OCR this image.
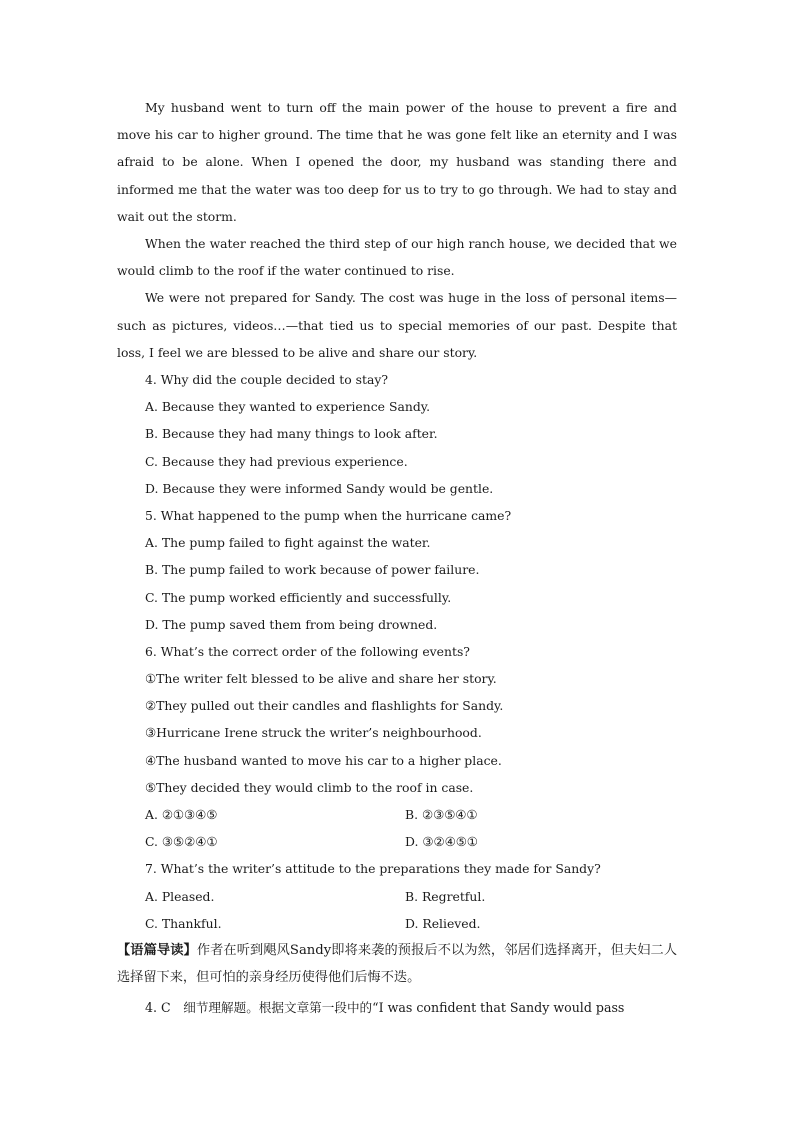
My husband went to turn off the main power of the house to prevent a fire and move his car to higher ground. The time that he was gone felt like an eternity and I was afraid to be alone. When I opened the door, my husband was standing there and informed me that the water was too deep for us to try to go through. We had to stay and wait out the storm.

When the water reached the third step of our high ranch house, we decided that we would climb to the roof if the water continued to rise.

We were not prepared for Sandy. The cost was huge in the loss of personal items—such as pictures, videos…—that tied us to special memories of our past. Despite that loss, I feel we are blessed to be alive and share our story.

4. Why did the couple decided to stay?
A. Because they wanted to experience Sandy.
B. Because they had many things to look after.
C. Because they had previous experience.
D. Because they were informed Sandy would be gentle.
5. What happened to the pump when the hurricane came?
A. The pump failed to fight against the water.
B. The pump failed to work because of power failure.
C. The pump worked efficiently and successfully.
D. The pump saved them from being drowned.
6. What’s the correct order of the following events?
①The writer felt blessed to be alive and share her story.
②They pulled out their candles and flashlights for Sandy.
③Hurricane Irene struck the writer’s neighbourhood.
④The husband wanted to move his car to a higher place.
⑤They decided they would climb to the roof in case.
A. ②①③④⑤	B. ②③⑤④①
C. ③⑤②④①	D. ③②④⑤①
7. What’s the writer’s attitude to the preparations they made for Sandy?
A. Pleased.	B. Regretful.
C. Thankful.	D. Relieved.

【语篇导读】作者在听到飓风Sandy即将来袭的预报后不以为然，邻居们选择离开，但夫妇二人选择留下来，但可怕的亲身经历使得他们后悔不迭。

4. C　细节理解题。根据文章第一段中的“I was confident that Sandy would pass
